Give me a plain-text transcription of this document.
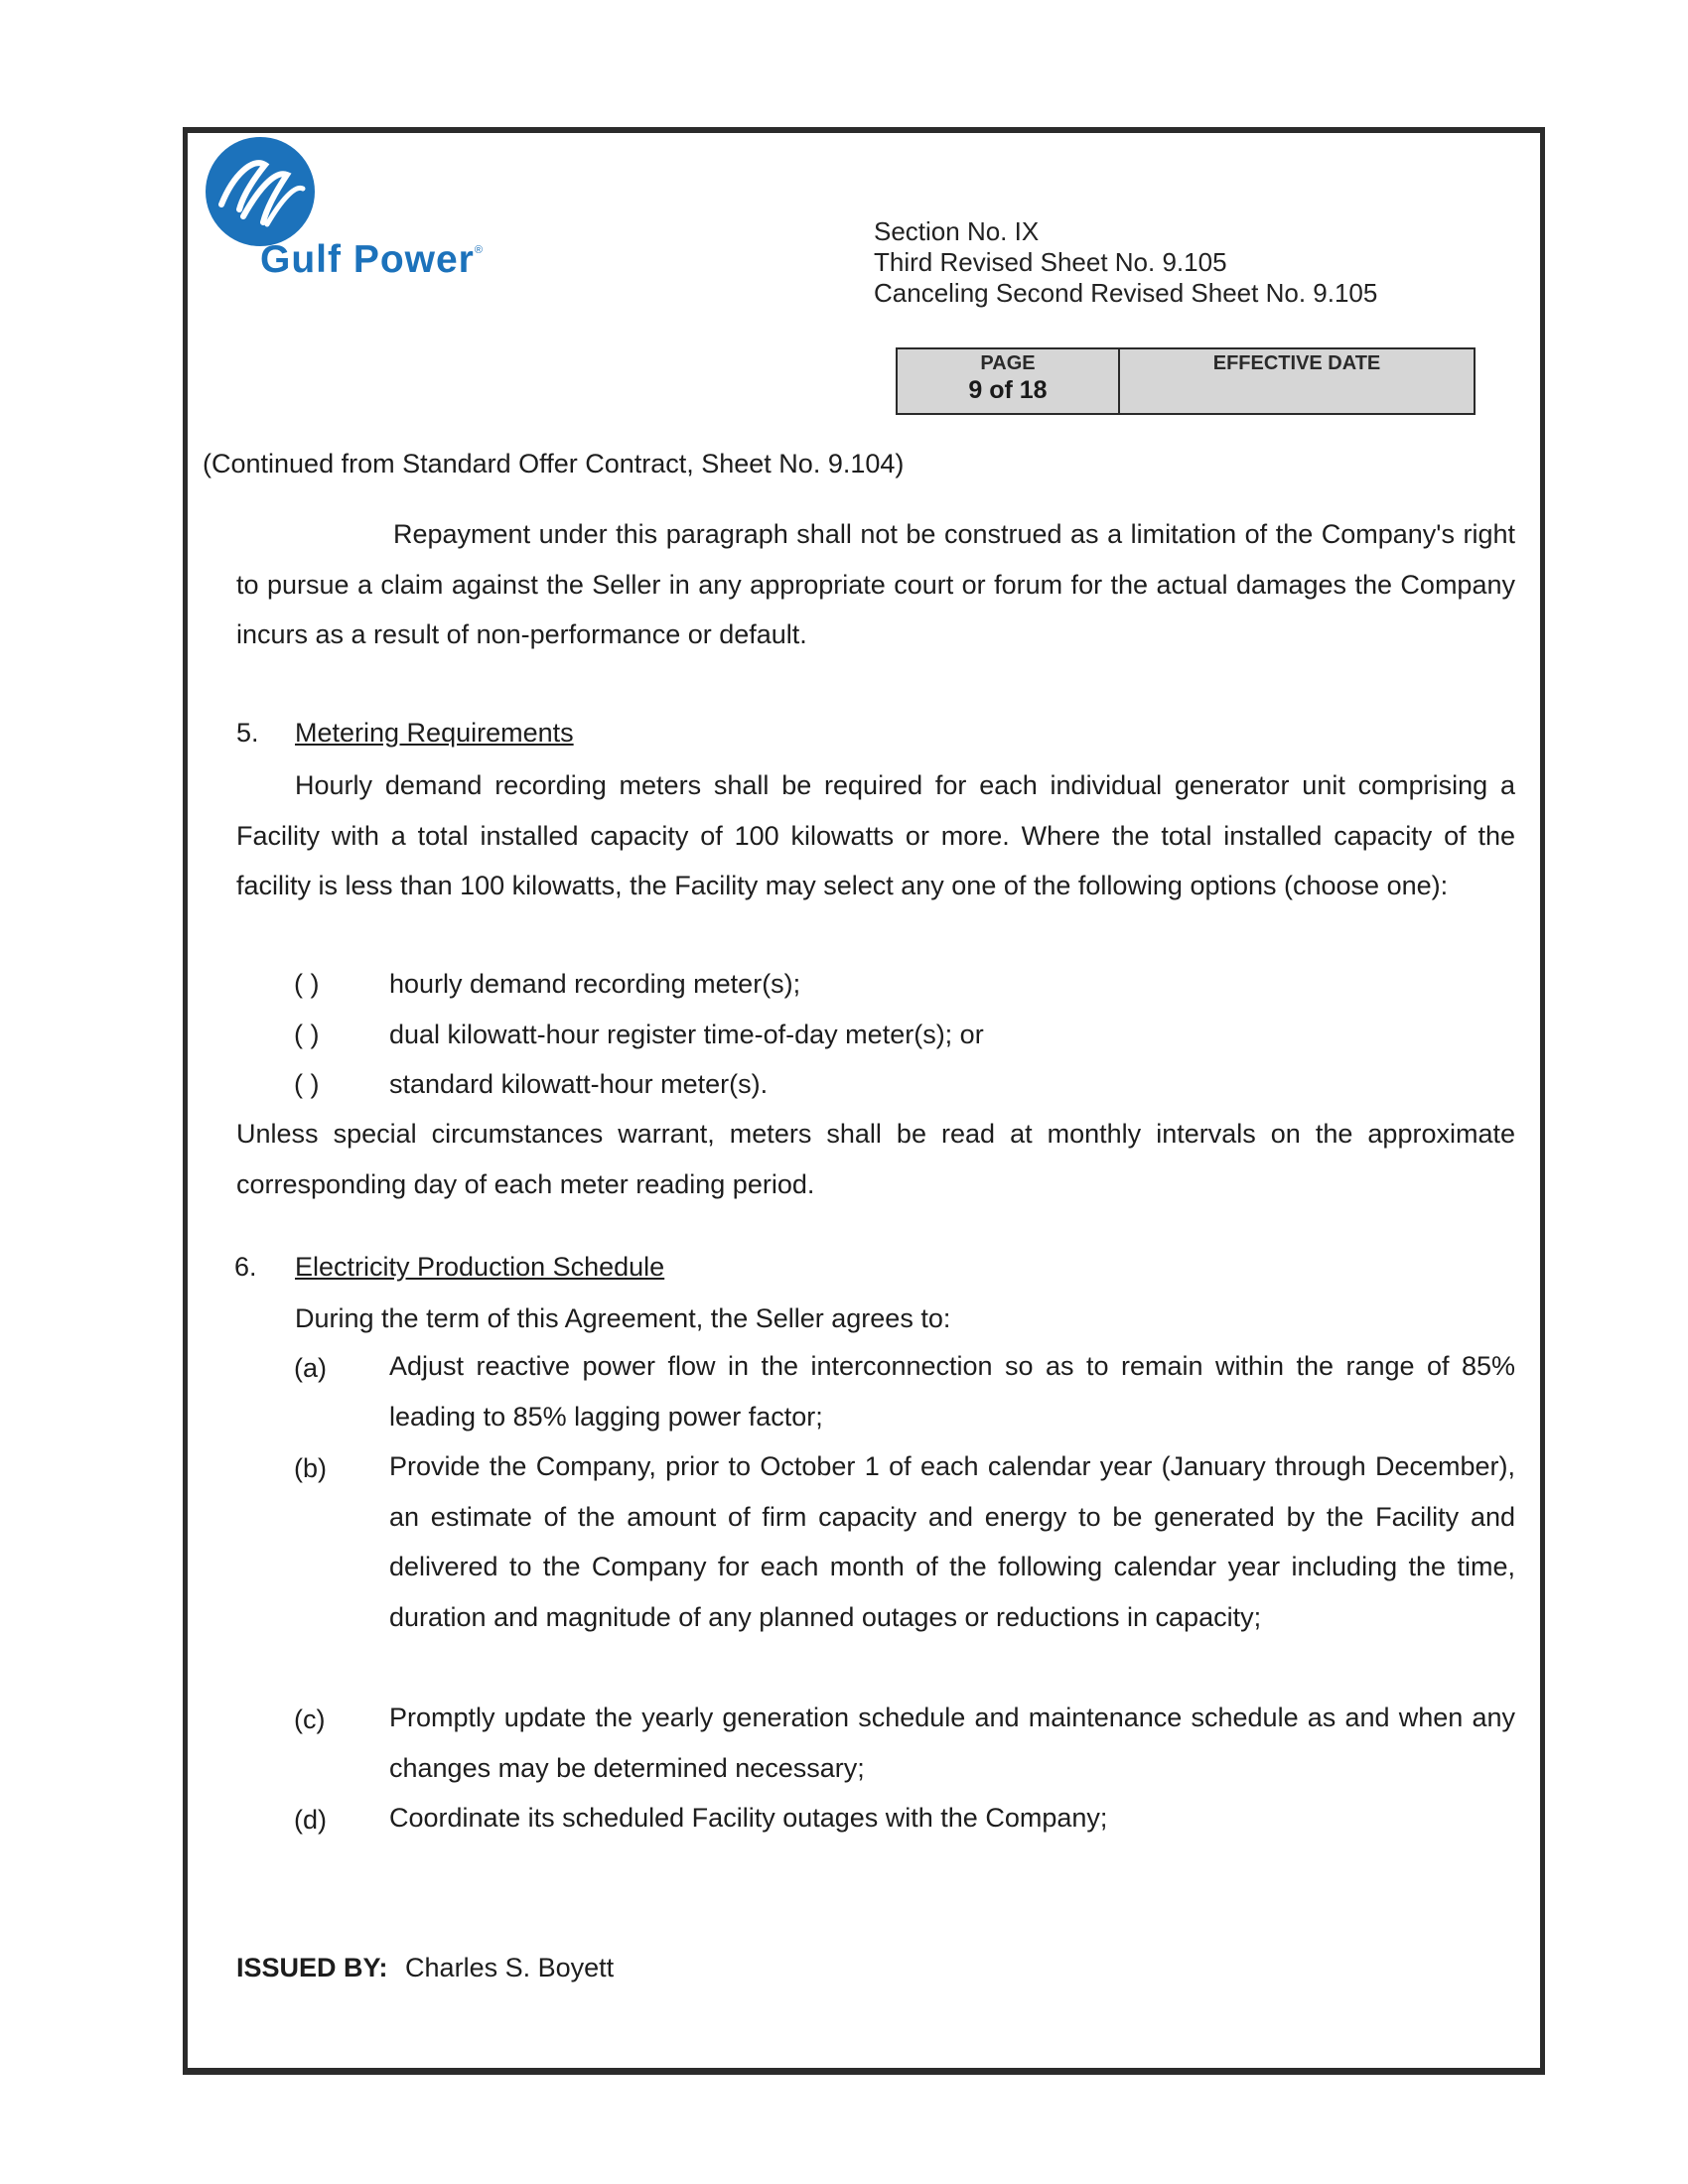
Gulf Power®
Section No. IX
Third Revised Sheet No. 9.105
Canceling Second Revised Sheet No. 9.105
PAGE
9 of 18
EFFECTIVE DATE
(Continued from Standard Offer Contract, Sheet No. 9.104)
Repayment under this paragraph shall not be construed as a limitation of the Company's right to pursue a claim against the Seller in any appropriate court or forum for the actual damages the Company incurs as a result of non-performance or default.
5. Metering Requirements
Hourly demand recording meters shall be required for each individual generator unit comprising a Facility with a total installed capacity of 100 kilowatts or more. Where the total installed capacity of the facility is less than 100 kilowatts, the Facility may select any one of the following options (choose one):
( )	hourly demand recording meter(s);
( )	dual kilowatt-hour register time-of-day meter(s); or
( )	standard kilowatt-hour meter(s).
Unless special circumstances warrant, meters shall be read at monthly intervals on the approximate corresponding day of each meter reading period.
6. Electricity Production Schedule
During the term of this Agreement, the Seller agrees to:
(a) Adjust reactive power flow in the interconnection so as to remain within the range of 85% leading to 85% lagging power factor;
(b) Provide the Company, prior to October 1 of each calendar year (January through December), an estimate of the amount of firm capacity and energy to be generated by the Facility and delivered to the Company for each month of the following calendar year including the time, duration and magnitude of any planned outages or reductions in capacity;
(c) Promptly update the yearly generation schedule and maintenance schedule as and when any changes may be determined necessary;
(d) Coordinate its scheduled Facility outages with the Company;
ISSUED BY: Charles S. Boyett
